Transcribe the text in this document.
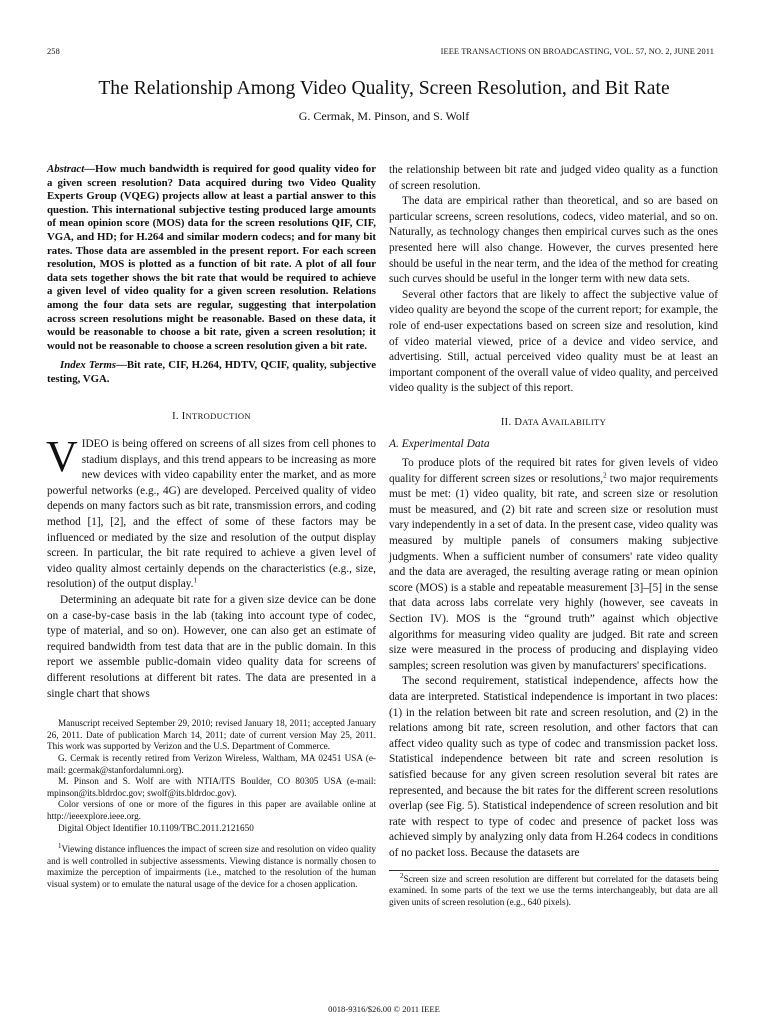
258	IEEE TRANSACTIONS ON BROADCASTING, VOL. 57, NO. 2, JUNE 2011
The Relationship Among Video Quality, Screen Resolution, and Bit Rate
G. Cermak, M. Pinson, and S. Wolf

Abstract—How much bandwidth is required for good quality video for a given screen resolution? Data acquired during two Video Quality Experts Group (VQEG) projects allow at least a partial answer to this question. This international subjective testing produced large amounts of mean opinion score (MOS) data for the screen resolutions QIF, CIF, VGA, and HD; for H.264 and similar modern codecs; and for many bit rates. Those data are assembled in the present report. For each screen resolution, MOS is plotted as a function of bit rate. A plot of all four data sets together shows the bit rate that would be required to achieve a given level of video quality for a given screen resolution. Relations among the four data sets are regular, suggesting that interpolation across screen resolutions might be reasonable. Based on these data, it would be reasonable to choose a bit rate, given a screen resolution; it would not be reasonable to choose a screen resolution given a bit rate.

Index Terms—Bit rate, CIF, H.264, HDTV, QCIF, quality, subjective testing, VGA.

I. INTRODUCTION

VIDEO is being offered on screens of all sizes from cell phones to stadium displays, and this trend appears to be increasing as more new devices with video capability enter the market, and as more powerful networks (e.g., 4G) are developed. Perceived quality of video depends on many factors such as bit rate, transmission errors, and coding method [1], [2], and the effect of some of these factors may be influenced or mediated by the size and resolution of the output display screen. In particular, the bit rate required to achieve a given level of video quality almost certainly depends on the characteristics (e.g., size, resolution) of the output display.$^1$

Determining an adequate bit rate for a given size device can be done on a case-by-case basis in the lab (taking into account type of codec, type of material, and so on). However, one can also get an estimate of required bandwidth from test data that are in the public domain. In this report we assemble public-domain video quality data for screens of different resolutions at different bit rates. The data are presented in a single chart that shows

Manuscript received September 29, 2010; revised January 18, 2011; accepted January 26, 2011. Date of publication March 14, 2011; date of current version May 25, 2011. This work was supported by Verizon and the U.S. Department of Commerce.

G. Cermak is recently retired from Verizon Wireless, Waltham, MA 02451 USA (e-mail: gcermak@stanfordalumni.org).

M. Pinson and S. Wolf are with NTIA/ITS Boulder, CO 80305 USA (e-mail: mpinson@its.bldrdoc.gov; swolf@its.bldrdoc.gov).

Color versions of one or more of the figures in this paper are available online at http://ieeexplore.ieee.org.

Digital Object Identifier 10.1109/TBC.2011.2121650

$^1$Viewing distance influences the impact of screen size and resolution on video quality and is well controlled in subjective assessments. Viewing distance is normally chosen to maximize the perception of impairments (i.e., matched to the resolution of the human visual system) or to emulate the natural usage of the device for a chosen application.

the relationship between bit rate and judged video quality as a function of screen resolution.

The data are empirical rather than theoretical, and so are based on particular screens, screen resolutions, codecs, video material, and so on. Naturally, as technology changes then empirical curves such as the ones presented here will also change. However, the curves presented here should be useful in the near term, and the idea of the method for creating such curves should be useful in the longer term with new data sets.

Several other factors that are likely to affect the subjective value of video quality are beyond the scope of the current report; for example, the role of end-user expectations based on screen size and resolution, kind of video material viewed, price of a device and video service, and advertising. Still, actual perceived video quality must be at least an important component of the overall value of video quality, and perceived video quality is the subject of this report.

II. DATA AVAILABILITY
A. Experimental Data

To produce plots of the required bit rates for given levels of video quality for different screen sizes or resolutions,$^2$ two major requirements must be met: (1) video quality, bit rate, and screen size or resolution must be measured, and (2) bit rate and screen size or resolution must vary independently in a set of data. In the present case, video quality was measured by multiple panels of consumers making subjective judgments. When a sufficient number of consumers' rate video quality and the data are averaged, the resulting average rating or mean opinion score (MOS) is a stable and repeatable measurement [3]–[5] in the sense that data across labs correlate very highly (however, see caveats in Section IV). MOS is the “ground truth” against which objective algorithms for measuring video quality are judged. Bit rate and screen size were measured in the process of producing and displaying video samples; screen resolution was given by manufacturers' specifications.

The second requirement, statistical independence, affects how the data are interpreted. Statistical independence is important in two places: (1) in the relation between bit rate and screen resolution, and (2) in the relations among bit rate, screen resolution, and other factors that can affect video quality such as type of codec and transmission packet loss. Statistical independence between bit rate and screen resolution is satisfied because for any given screen resolution several bit rates are represented, and because the bit rates for the different screen resolutions overlap (see Fig. 5). Statistical independence of screen resolution and bit rate with respect to type of codec and presence of packet loss was achieved simply by analyzing only data from H.264 codecs in conditions of no packet loss. Because the datasets are

$^2$Screen size and screen resolution are different but correlated for the datasets being examined. In some parts of the text we use the terms interchangeably, but data are all given units of screen resolution (e.g., 640 pixels).

0018-9316/$26.00 © 2011 IEEE
